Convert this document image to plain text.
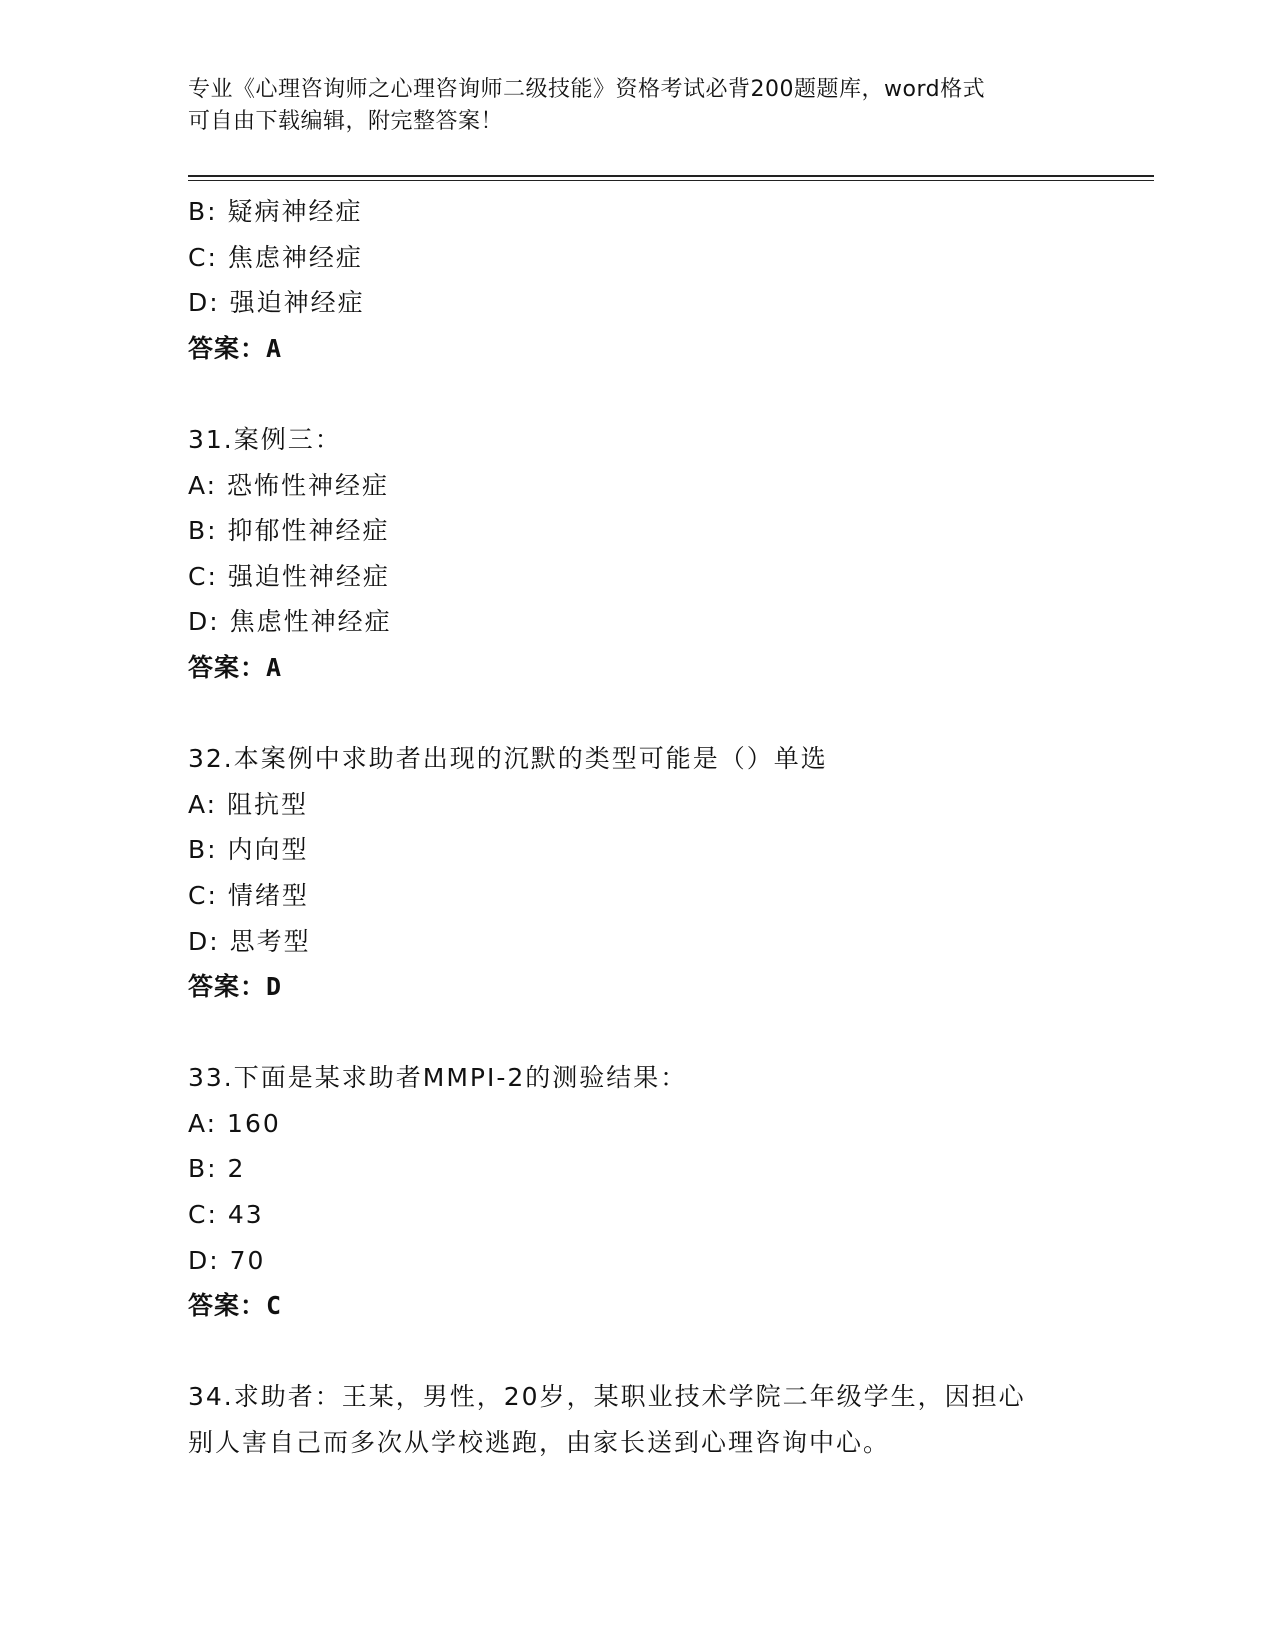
专业《心理咨询师之心理咨询师二级技能》资格考试必背200题题库，word格式
可自由下载编辑，附完整答案！
B: 疑病神经症
C: 焦虑神经症
D: 强迫神经症
答案：A
31.案例三：
A: 恐怖性神经症
B: 抑郁性神经症
C: 强迫性神经症
D: 焦虑性神经症
答案：A
32.本案例中求助者出现的沉默的类型可能是（）单选
A: 阻抗型
B: 内向型
C: 情绪型
D: 思考型
答案：D
33.下面是某求助者MMPI-2的测验结果：
A: 160
B: 2
C: 43
D: 70
答案：C
34.求助者：王某，男性，20岁，某职业技术学院二年级学生，因担心
别人害自己而多次从学校逃跑，由家长送到心理咨询中心。
